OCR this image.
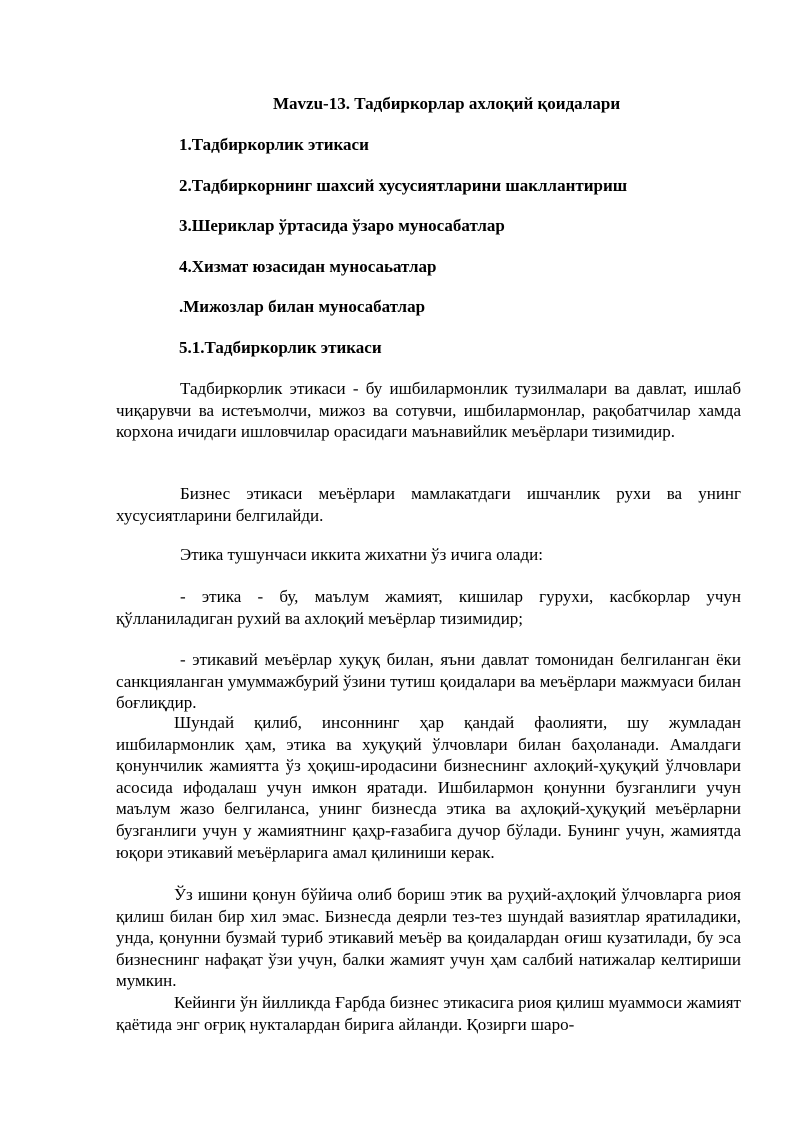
Mavzu-13. Тадбиркорлар ахлоқий қоидалари
1.Тадбиркорлик этикаси
2.Тадбиркорнинг шахсий хусусиятларини шакллантириш
3.Шериклар ўртасида ўзаро муносабатлар
4.Хизмат юзасидан муносаьатлар
.Мижозлар билан муносабатлар
5.1.Тадбиркорлик этикаси

Тадбиркорлик этикаси - бу ишбилармонлик тузилмалари ва давлат, ишлаб чиқарувчи ва истеъмолчи, мижоз ва сотувчи, ишбилармонлар, рақобатчилар хамда корхона ичидаги ишловчилар орасидаги маънавийлик меъёрлари тизимидир.

Бизнес этикаси меъёрлари мамлакатдаги ишчанлик рухи ва унинг хусусиятларини белгилайди.

Этика тушунчаси иккита жихатни ўз ичига олади:

- этика - бу, маълум жамият, кишилар гурухи, касбкорлар учун қўлланиладиган рухий ва ахлоқий меъёрлар тизимидир;

- этикавий меъёрлар хуқуқ билан, яъни давлат томонидан белгиланган ёки санкцияланган умуммажбурий ўзини тутиш қоидалари ва меъёрлари мажмуаси билан боғлиқдир.

Шундай қилиб, инсоннинг ҳар қандай фаолияти, шу жумладан ишбилармонлик ҳам, этика ва хуқуқий ўлчовлари билан баҳоланади. Амалдаги қонунчилик жамиятта ўз ҳоқиш-иродасини бизнеснинг ахлоқий-ҳуқуқий ўлчовлари асосида ифодалаш учун имкон яратади. Ишбилармон қонунни бузганлиги учун маълум жазо белгиланса, унинг бизнесда этика ва аҳлоқий-ҳуқуқий меъёрларни бузганлиги учун у жамиятнинг қаҳр-ғазабига дучор бўлади. Бунинг учун, жамиятда юқори этикавий меъёрларига амал қилиниши керак.

Ўз ишини қонун бўйича олиб бориш этик ва руҳий-аҳлоқий ўлчовларга риоя қилиш билан бир хил эмас. Бизнесда деярли тез-тез шундай вазиятлар яратиладики, унда, қонунни бузмай туриб этикавий меъёр ва қоидалардан оғиш кузатилади, бу эса бизнеснинг нафақат ўзи учун, балки жамият учун ҳам салбий натижалар келтириши мумкин.

Кейинги ўн йилликда Ғарбда бизнес этикасига риоя қилиш муаммоси жамият қаётида энг оғриқ нукталардан бирига айланди. Қозирги шаро-
